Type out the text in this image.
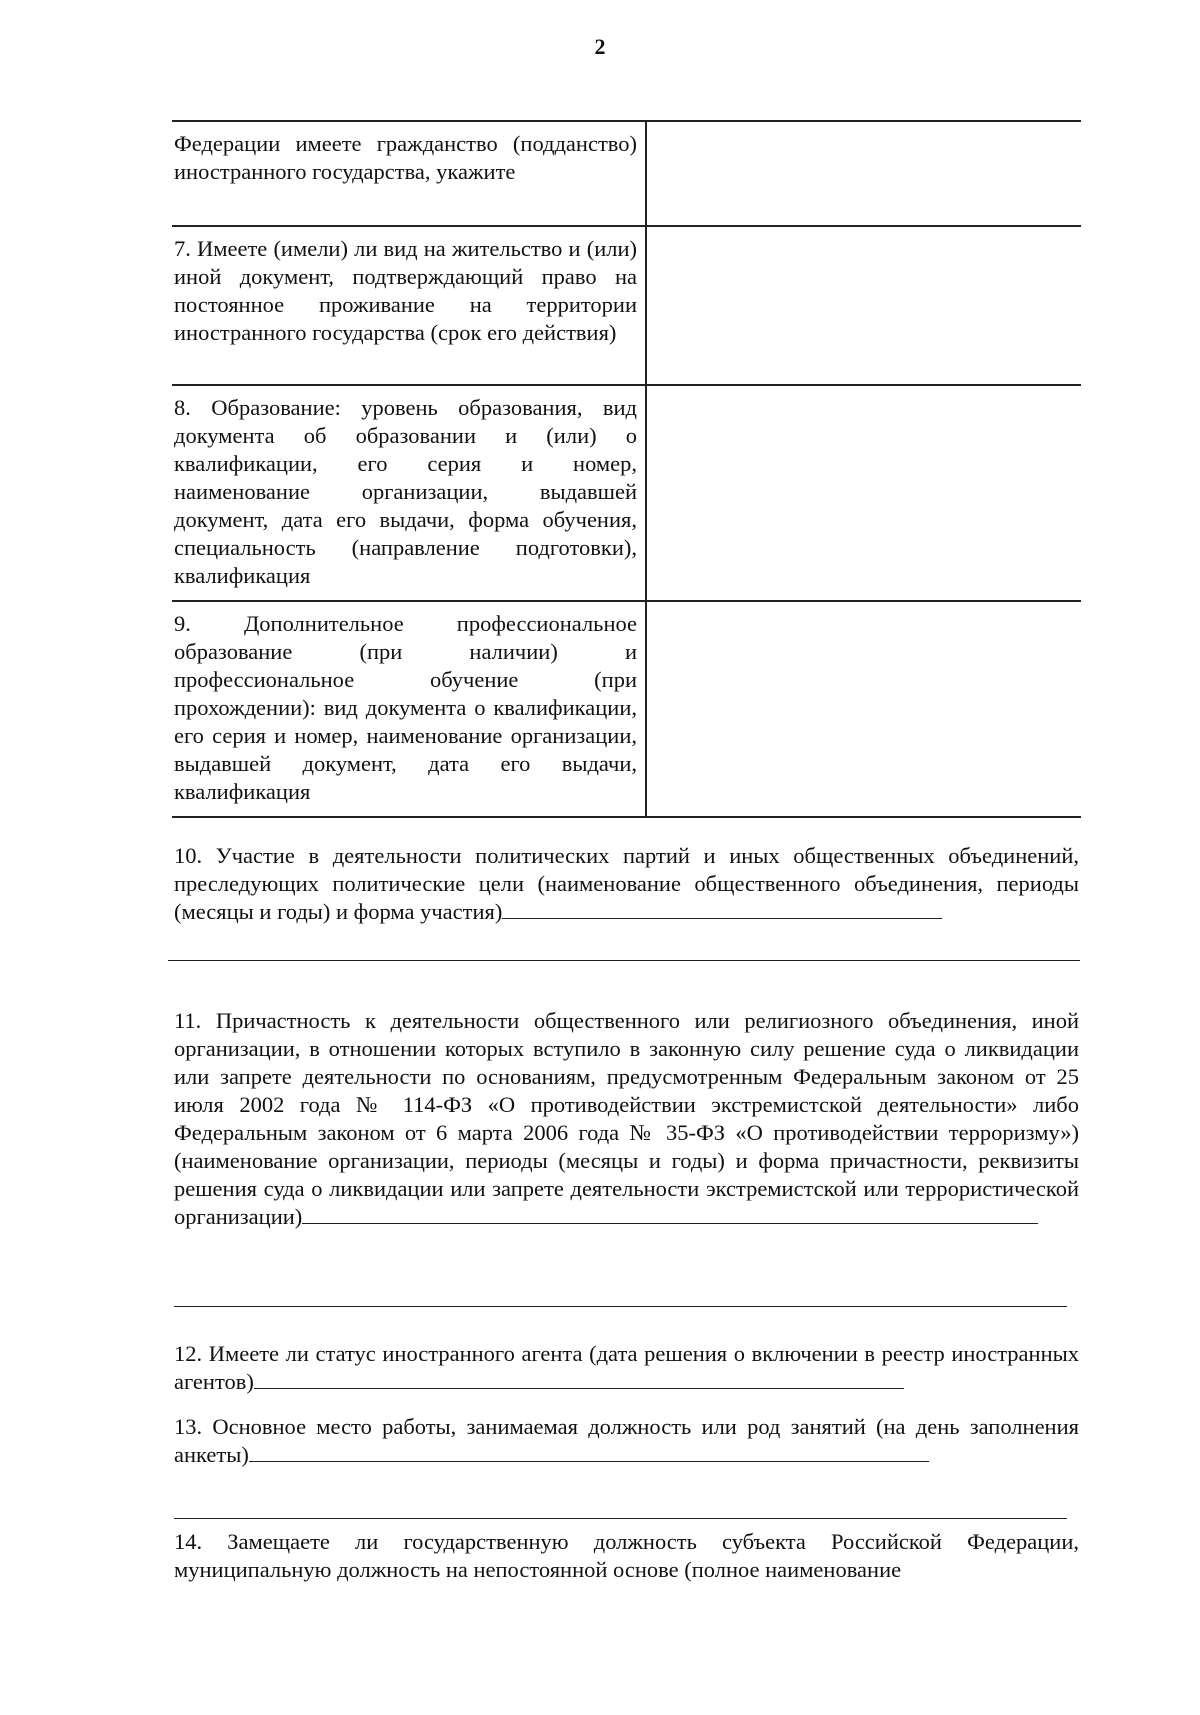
2
Федерации имеете гражданство (подданство) иностранного государства, укажите	

7. Имеете (имели) ли вид на жительство и (или) иной документ, подтверждающий право на постоянное проживание на территории иностранного государства (срок его действия)	

8. Образование: уровень образования, вид документа об образовании и (или) о квалификации, его серия и номер, наименование организации, выдавшей документ, дата его выдачи, форма обучения, специальность (направление подготовки), квалификация	

9. Дополнительное профессиональное образование (при наличии) и профессиональное обучение (при прохождении): вид документа о квалификации, его серия и номер, наименование организации, выдавшей документ, дата его выдачи, квалификация	

10. Участие в деятельности политических партий и иных общественных объединений, преследующих политические цели (наименование общественного объединения, периоды (месяцы и годы) и форма участия)
11. Причастность к деятельности общественного или религиозного объединения, иной организации, в отношении которых вступило в законную силу решение суда о ликвидации или запрете деятельности по основаниям, предусмотренным Федеральным законом от 25 июля 2002 года № 114-ФЗ «О противодействии экстремистской деятельности» либо Федеральным законом от 6 марта 2006 года № 35-ФЗ «О противодействии терроризму») (наименование организации, периоды (месяцы и годы) и форма причастности, реквизиты решения суда о ликвидации или запрете деятельности экстремистской или террористической организации)
12. Имеете ли статус иностранного агента (дата решения о включении в реестр иностранных агентов)
13. Основное место работы, занимаемая должность или род занятий (на день заполнения анкеты)
14. Замещаете ли государственную должность субъекта Российской Федерации, муниципальную должность на непостоянной основе (полное наименование
